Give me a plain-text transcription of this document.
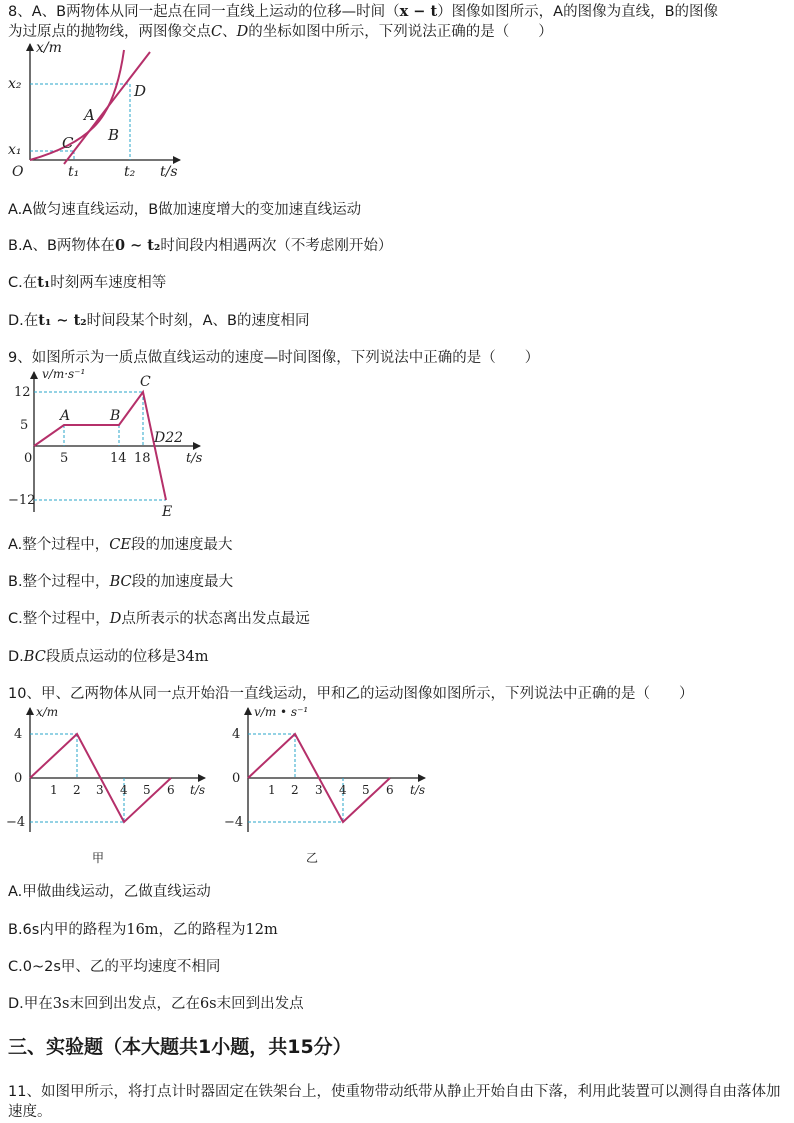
8、A、B两物体从同一起点在同一直线上运动的位移—时间（x − t）图像如图所示，A的图像为直线，B的图像
为过原点的抛物线，两图像交点C、D的坐标如图中所示，下列说法正确的是（　　）
x/m
x₂
x₁
O	t₁	t₂ t/s
A
B
C
D
A.A做匀速直线运动，B做加速度增大的变加速直线运动
B.A、B两物体在0 ∼ t₂时间段内相遇两次（不考虑刚开始）
C.在t₁时刻两车速度相等
D.在t₁ ∼ t₂时间段某个时刻，A、B的速度相同
9、如图所示为一质点做直线运动的速度—时间图像，下列说法中正确的是（　　）
v/m·s⁻¹
12
5
0
−12
5	14 18	t/s
A	B
C
D22
E
A.整个过程中，CE段的加速度最大
B.整个过程中，BC段的加速度最大
C.整个过程中，D点所表示的状态离出发点最远
D.BC段质点运动的位移是34m
10、甲、乙两物体从同一点开始沿一直线运动，甲和乙的运动图像如图所示，下列说法中正确的是（　　）
x/m
4
0
−4
1 2 3 4 5 6 t/s
甲
v/m • s⁻¹
4
0
−4
1 2 3 4 5 6 t/s
乙
A.甲做曲线运动，乙做直线运动
B.6s内甲的路程为16m，乙的路程为12m
C.0~2s甲、乙的平均速度不相同
D.甲在3s末回到出发点，乙在6s末回到出发点
三、实验题（本大题共1小题，共15分）
11、如图甲所示，将打点计时器固定在铁架台上，使重物带动纸带从静止开始自由下落，利用此装置可以测得自由落体加速度。
